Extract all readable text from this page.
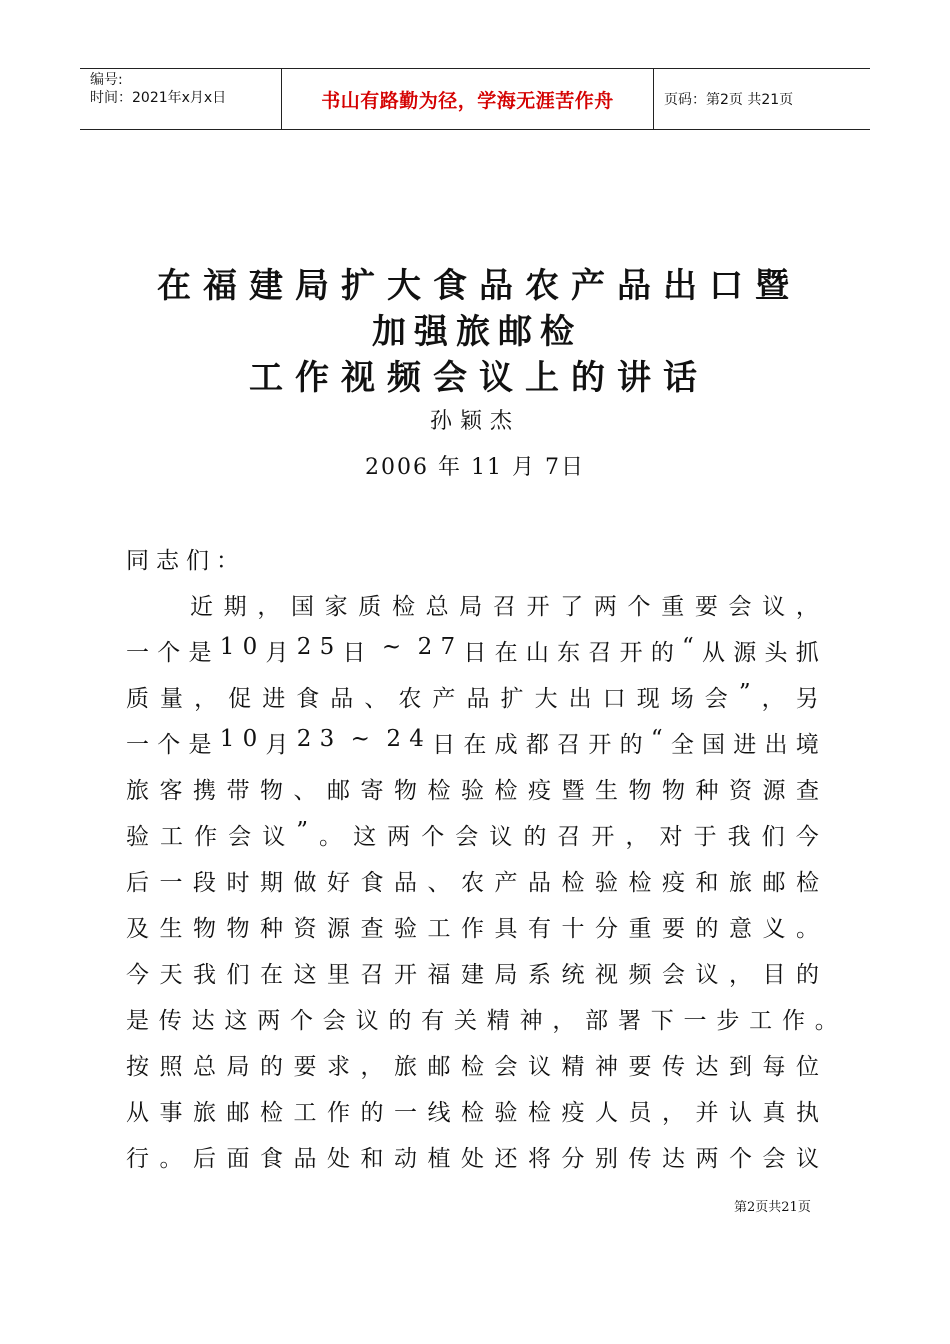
编号:
时间：2021年x月x日	书山有路勤为径，学海无涯苦作舟	页码：第2页 共21页
在福建局扩大食品农产品出口暨
加强旅邮检
工作视频会议上的讲话
孙颖杰
2006 年 11 月 7日
同志们：
近 期 ， 国 家 质 检 总 局 召 开 了 两 个 重 要 会 议 ，
一 个 是 1 0 月 2 5 日 ~ 2 7 日 在 山 东 召 开 的 “ 从 源 头 抓
质 量 ， 促 进 食 品 、 农 产 品 扩 大 出 口 现 场 会 ” ， 另
一 个 是 1 0 月 2 3 ~ 2 4 日 在 成 都 召 开 的 “ 全 国 进 出 境
旅 客 携 带 物 、 邮 寄 物 检 验 检 疫 暨 生 物 物 种 资 源 查
验 工 作 会 议 ” 。 这 两 个 会 议 的 召 开 ， 对 于 我 们 今
后 一 段 时 期 做 好 食 品 、 农 产 品 检 验 检 疫 和 旅 邮 检
及 生 物 物 种 资 源 查 验 工 作 具 有 十 分 重 要 的 意 义 。
今 天 我 们 在 这 里 召 开 福 建 局 系 统 视 频 会 议 ， 目 的
是 传 达 这 两 个 会 议 的 有 关 精 神 ， 部 署 下 一 步 工 作 。
按 照 总 局 的 要 求 ， 旅 邮 检 会 议 精 神 要 传 达 到 每 位
从 事 旅 邮 检 工 作 的 一 线 检 验 检 疫 人 员 ， 并 认 真 执
行 。 后 面 食 品 处 和 动 植 处 还 将 分 别 传 达 两 个 会 议
第2页共21页
